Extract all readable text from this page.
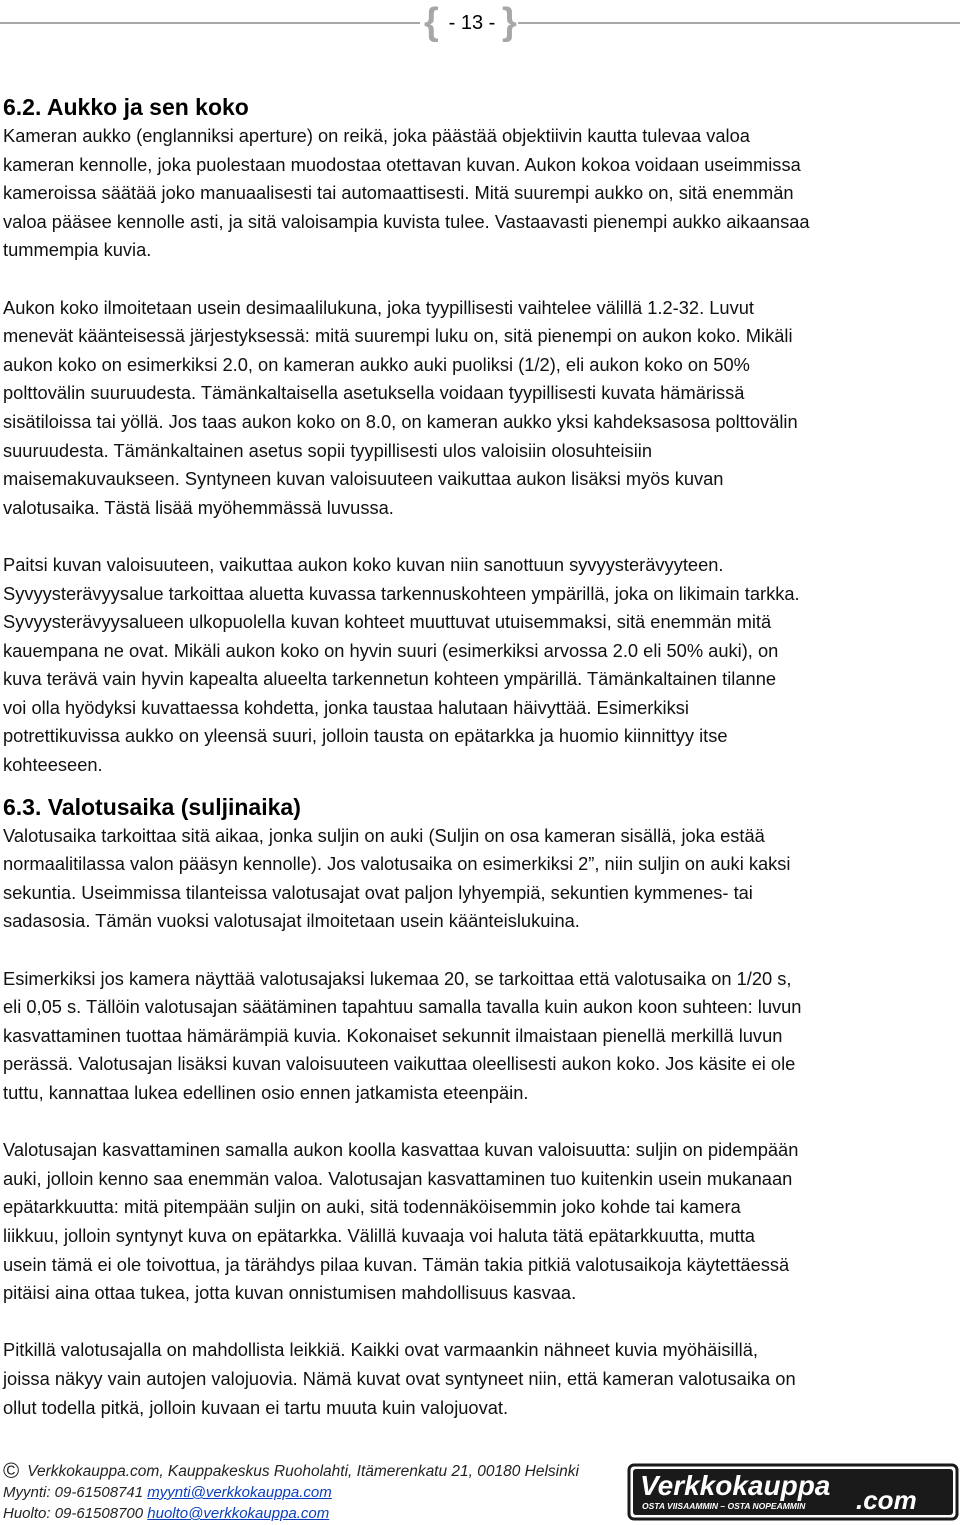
{ - 13 - }
6.2. Aukko ja sen koko

Kameran aukko (englanniksi aperture) on reikä, joka päästää objektiivin kautta tulevaa valoa

kameran kennolle, joka puolestaan muodostaa otettavan kuvan. Aukon kokoa voidaan useimmissa

kameroissa säätää joko manuaalisesti tai automaattisesti. Mitä suurempi aukko on, sitä enemmän

valoa pääsee kennolle asti, ja sitä valoisampia kuvista tulee. Vastaavasti pienempi aukko aikaansaa

tummempia kuvia.

Aukon koko ilmoitetaan usein desimaalilukuna, joka tyypillisesti vaihtelee välillä 1.2-32. Luvut

menevät käänteisessä järjestyksessä: mitä suurempi luku on, sitä pienempi on aukon koko. Mikäli

aukon koko on esimerkiksi 2.0, on kameran aukko auki puoliksi (1/2), eli aukon koko on 50%

polttovälin suuruudesta. Tämänkaltaisella asetuksella voidaan tyypillisesti kuvata hämärissä

sisätiloissa tai yöllä. Jos taas aukon koko on 8.0, on kameran aukko yksi kahdeksasosa polttovälin

suuruudesta. Tämänkaltainen asetus sopii tyypillisesti ulos valoisiin olosuhteisiin

maisemakuvaukseen. Syntyneen kuvan valoisuuteen vaikuttaa aukon lisäksi myös kuvan

valotusaika. Tästä lisää myöhemmässä luvussa.

Paitsi kuvan valoisuuteen, vaikuttaa aukon koko kuvan niin sanottuun syvyysterävyyteen.

Syvyysterävyysalue tarkoittaa aluetta kuvassa tarkennuskohteen ympärillä, joka on likimain tarkka.

Syvyysterävyysalueen ulkopuolella kuvan kohteet muuttuvat utuisemmaksi, sitä enemmän mitä

kauempana ne ovat. Mikäli aukon koko on hyvin suuri (esimerkiksi arvossa 2.0 eli 50% auki), on

kuva terävä vain hyvin kapealta alueelta tarkennetun kohteen ympärillä. Tämänkaltainen tilanne

voi olla hyödyksi kuvattaessa kohdetta, jonka taustaa halutaan häivyttää. Esimerkiksi

potrettikuvissa aukko on yleensä suuri, jolloin tausta on epätarkka ja huomio kiinnittyy itse

kohteeseen.

6.3. Valotusaika (suljinaika)

Valotusaika tarkoittaa sitä aikaa, jonka suljin on auki (Suljin on osa kameran sisällä, joka estää

normaalitilassa valon pääsyn kennolle). Jos valotusaika on esimerkiksi 2”, niin suljin on auki kaksi

sekuntia. Useimmissa tilanteissa valotusajat ovat paljon lyhyempiä, sekuntien kymmenes- tai

sadasosia. Tämän vuoksi valotusajat ilmoitetaan usein käänteislukuina.

Esimerkiksi jos kamera näyttää valotusajaksi lukemaa 20, se tarkoittaa että valotusaika on 1/20 s,

eli 0,05 s. Tällöin valotusajan säätäminen tapahtuu samalla tavalla kuin aukon koon suhteen: luvun

kasvattaminen tuottaa hämärämpiä kuvia. Kokonaiset sekunnit ilmaistaan pienellä merkillä luvun

perässä. Valotusajan lisäksi kuvan valoisuuteen vaikuttaa oleellisesti aukon koko. Jos käsite ei ole

tuttu, kannattaa lukea edellinen osio ennen jatkamista eteenpäin.

Valotusajan kasvattaminen samalla aukon koolla kasvattaa kuvan valoisuutta: suljin on pidempään

auki, jolloin kenno saa enemmän valoa. Valotusajan kasvattaminen tuo kuitenkin usein mukanaan

epätarkkuutta: mitä pitempään suljin on auki, sitä todennäköisemmin joko kohde tai kamera

liikkuu, jolloin syntynyt kuva on epätarkka. Välillä kuvaaja voi haluta tätä epätarkkuutta, mutta

usein tämä ei ole toivottua, ja tärähdys pilaa kuvan. Tämän takia pitkiä valotusaikoja käytettäessä

pitäisi aina ottaa tukea, jotta kuvan onnistumisen mahdollisuus kasvaa.

Pitkillä valotusajalla on mahdollista leikkiä. Kaikki ovat varmaankin nähneet kuvia myöhäisillä,

joissa näkyy vain autojen valojuovia. Nämä kuvat ovat syntyneet niin, että kameran valotusaika on

ollut todella pitkä, jolloin kuvaan ei tartu muuta kuin valojuovat.

© Verkkokauppa.com, Kauppakeskus Ruoholahti, Itämerenkatu 21, 00180 Helsinki
Myynti: 09-61508741 myynti@verkkokauppa.com
Huolto: 09-61508700 huolto@verkkokauppa.com
Verkkokauppa .com
OSTA VIISAAMMIN – OSTA NOPEAMMIN
